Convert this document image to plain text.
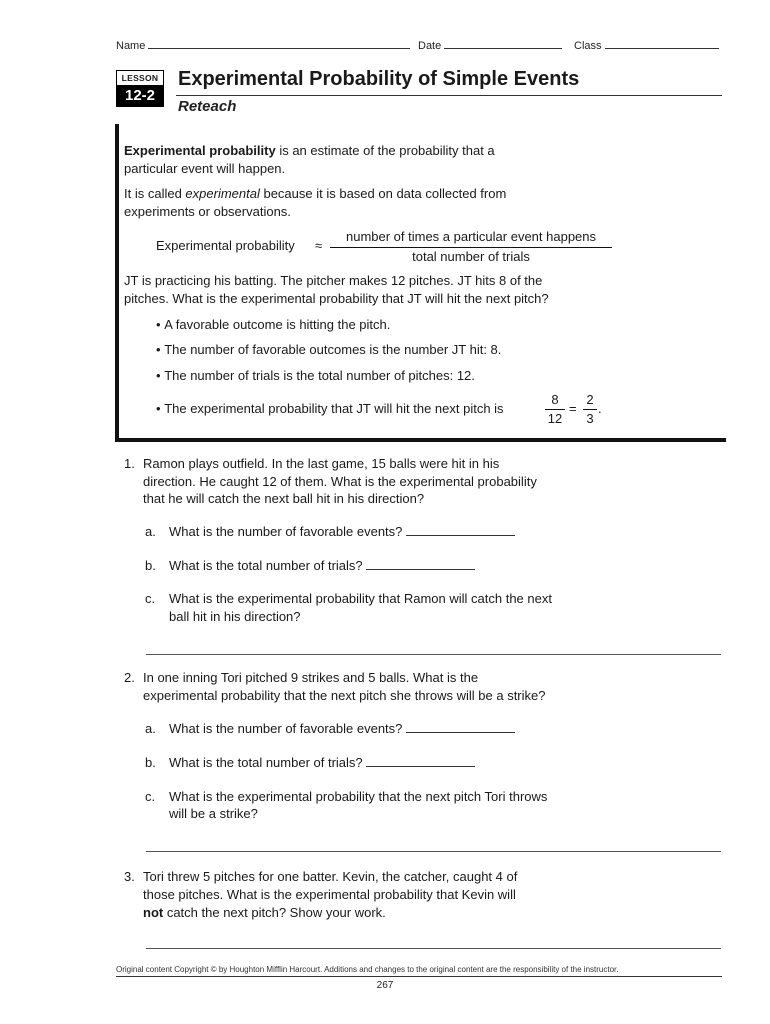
Name	Date	Class
LESSON
12-2
Experimental Probability of Simple Events
Reteach
Experimental probability is an estimate of the probability that a
particular event will happen.
It is called experimental because it is based on data collected from
experiments or observations.
Experimental probability ≈
number of times a particular event happens
total number of trials
JT is practicing his batting. The pitcher makes 12 pitches. JT hits 8 of the
pitches. What is the experimental probability that JT will hit the next pitch?
• A favorable outcome is hitting the pitch.
• The number of favorable outcomes is the number JT hit: 8.
• The number of trials is the total number of pitches: 12.
• The experimental probability that JT will hit the next pitch is
8
12
=
2
3
.
1. Ramon plays outfield. In the last game, 15 balls were hit in his
direction. He caught 12 of them. What is the experimental probability
that he will catch the next ball hit in his direction?
a. What is the number of favorable events?
b. What is the total number of trials?
c. What is the experimental probability that Ramon will catch the next
ball hit in his direction?
2. In one inning Tori pitched 9 strikes and 5 balls. What is the
experimental probability that the next pitch she throws will be a strike?
a. What is the number of favorable events?
b. What is the total number of trials?
c. What is the experimental probability that the next pitch Tori throws
will be a strike?
3. Tori threw 5 pitches for one batter. Kevin, the catcher, caught 4 of
those pitches. What is the experimental probability that Kevin will
not catch the next pitch? Show your work.
Original content Copyright © by Houghton Mifflin Harcourt. Additions and changes to the original content are the responsibility of the instructor.
267
